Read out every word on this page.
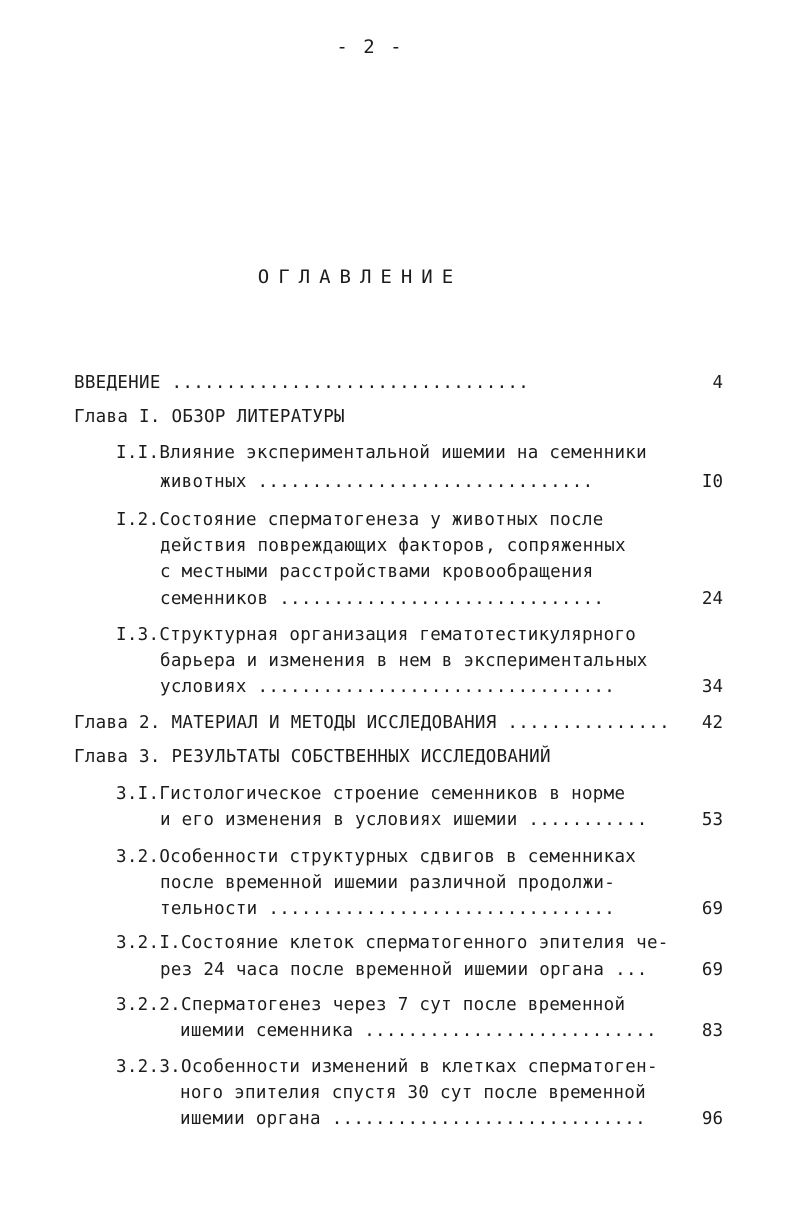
- 2 -
ОГЛАВЛЕНИЕ
ВВЕДЕНИЕ .................................	4
Глава I. ОБЗОР ЛИТЕРАТУРЫ
I.I.Влияние экспериментальной ишемии на семенники
животных ...............................	I0
I.2.Состояние сперматогенеза у животных после
действия повреждающих факторов, сопряженных
с местными расстройствами кровообращения
семенников ..............................	24
I.3.Структурная организация гематотестикулярного
барьера и изменения в нем в экспериментальных
условиях .................................	34
Глава 2. МАТЕРИАЛ И МЕТОДЫ ИССЛЕДОВАНИЯ ...............	42
Глава 3. РЕЗУЛЬТАТЫ СОБСТВЕННЫХ ИССЛЕДОВАНИЙ
3.I.Гистологическое строение семенников в норме
и его изменения в условиях ишемии ...........	53
3.2.Особенности структурных сдвигов в семенниках
после временной ишемии различной продолжи-
тельности ................................	69
3.2.I.Состояние клеток сперматогенного эпителия че-
рез 24 часа после временной ишемии органа ...	69
3.2.2.Сперматогенез через 7 сут после временной
ишемии семенника ...........................	83
3.2.3.Особенности изменений в клетках сперматоген-
ного эпителия спустя 30 сут после временной
ишемии органа .............................	96
